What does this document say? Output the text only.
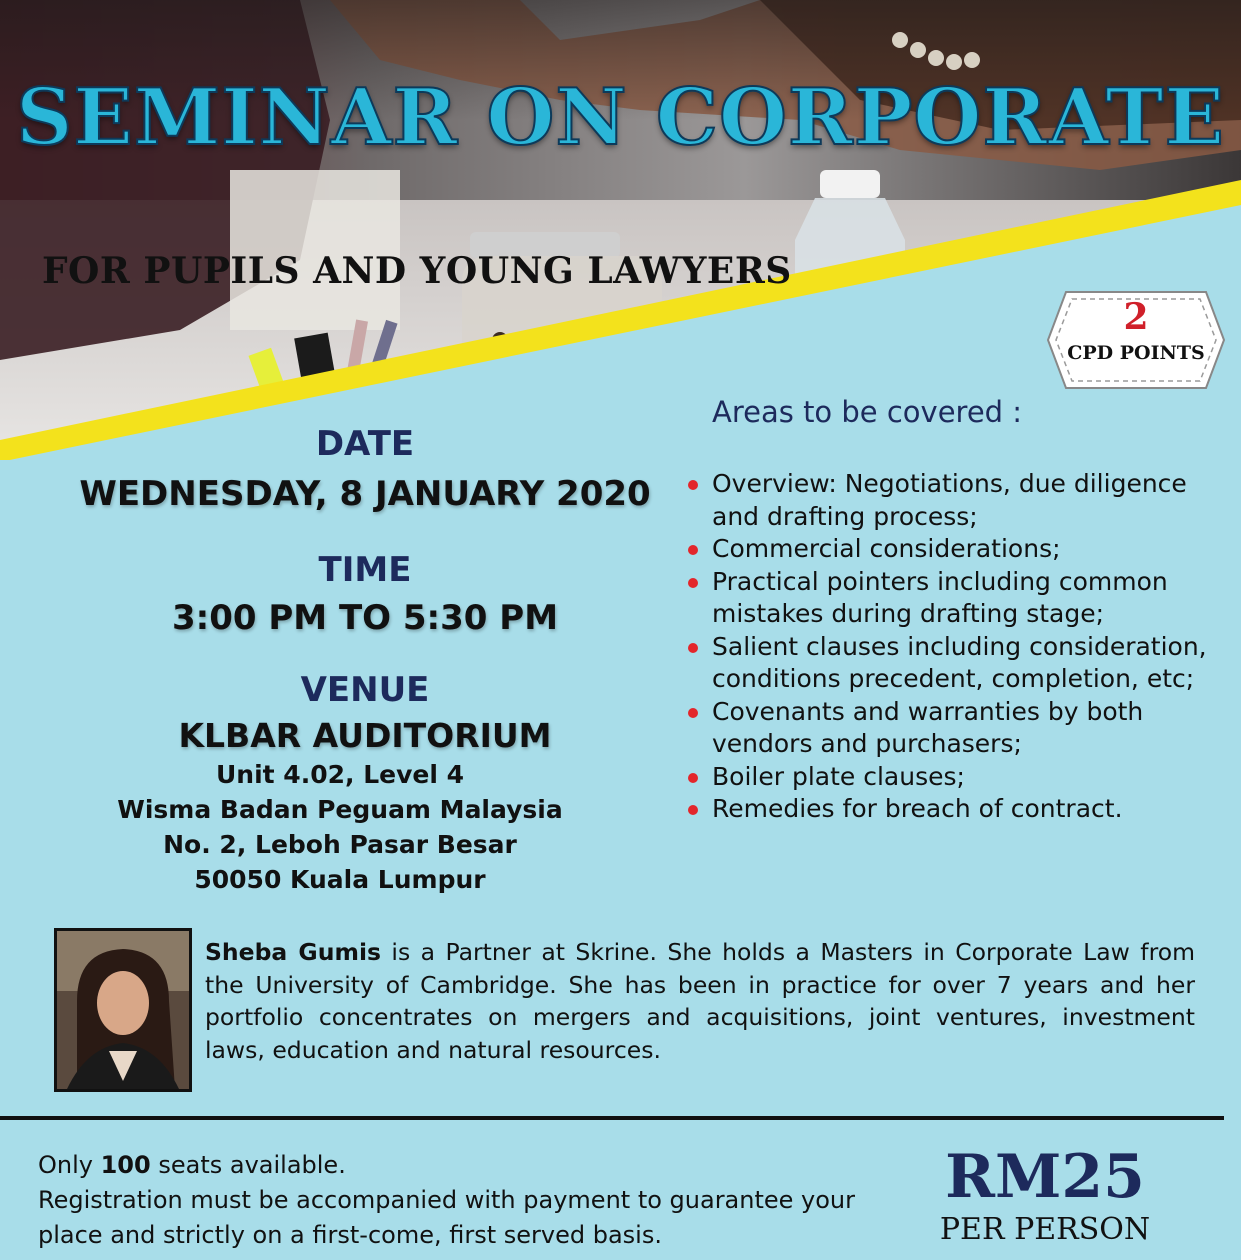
SEMINAR ON CORPORATE
FOR PUPILS AND YOUNG LAWYERS
2
CPD POINTS
DATE
WEDNESDAY, 8 JANUARY 2020
TIME
3:00 PM TO 5:30 PM
VENUE
KLBAR AUDITORIUM
Unit 4.02, Level 4
Wisma Badan Peguam Malaysia
No. 2, Leboh Pasar Besar
50050 Kuala Lumpur
Areas to be covered :
Overview: Negotiations, due diligence and drafting process;
Commercial considerations;
Practical pointers including common mistakes during drafting stage;
Salient clauses including consideration, conditions precedent, completion, etc;
Covenants and warranties by both vendors and purchasers;
Boiler plate clauses;
Remedies for breach of contract.
Sheba Gumis is a Partner at Skrine. She holds a Masters in Corporate Law from the University of Cambridge. She has been in practice for over 7 years and her portfolio concentrates on mergers and acquisitions, joint ventures, investment laws, education and natural resources.
Only 100 seats available.
Registration must be accompanied with payment to guarantee your place and strictly on a first-come, first served basis.
RM25
PER PERSON
